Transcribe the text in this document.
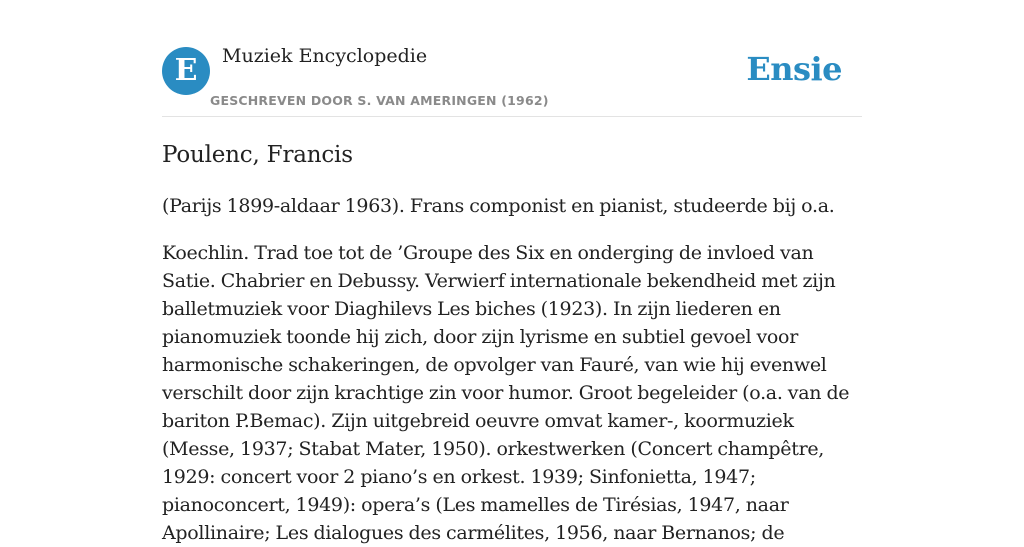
E	Muziek Encyclopedie
GESCHREVEN DOOR S. VAN AMERINGEN (1962)
Ensie
Poulenc, Francis

(Parijs 1899-aldaar 1963). Frans componist en pianist, studeerde bij o.a.

Koechlin. Trad toe tot de ’Groupe des Six en onderging de invloed van Satie. Chabrier en Debussy. Verwierf internationale bekendheid met zijn balletmuziek voor Diaghilevs Les biches (1923). In zijn liederen en pianomuziek toonde hij zich, door zijn lyrisme en subtiel gevoel voor harmonische schakeringen, de opvolger van Fauré, van wie hij evenwel verschilt door zijn krachtige zin voor humor. Groot begeleider (o.a. van de bariton P.Bemac). Zijn uitgebreid oeuvre omvat kamer-, koormuziek (Messe, 1937; Stabat Mater, 1950). orkestwerken (Concert champêtre, 1929: concert voor 2 piano’s en orkest. 1939; Sinfonietta, 1947; pianoconcert, 1949): opera’s (Les mamelles de Tirésias, 1947, naar Apollinaire; Les dialogues des carmélites, 1956, naar Bernanos; de
